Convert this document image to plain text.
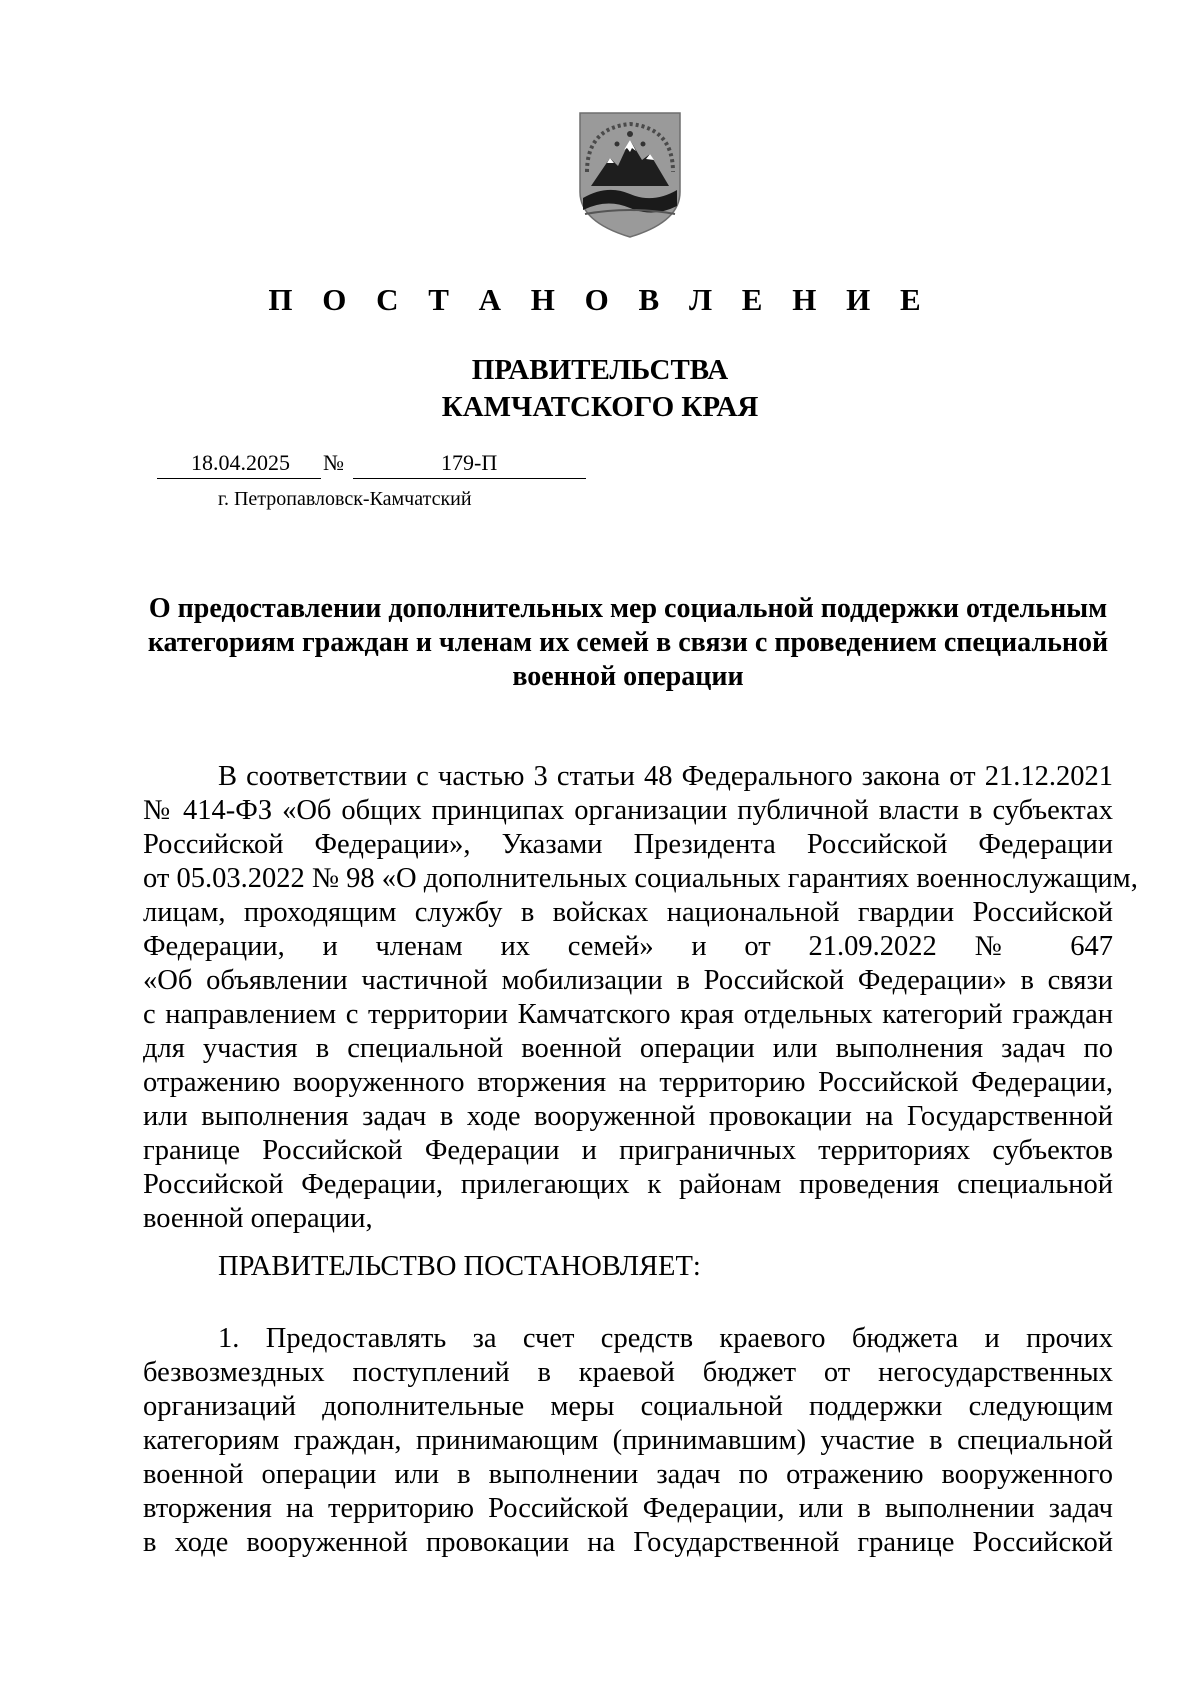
П О С Т А Н О В Л Е Н И Е
ПРАВИТЕЛЬСТВА
КАМЧАТСКОГО КРАЯ
18.04.2025 №	179-П
г. Петропавловск-Камчатский
О предоставлении дополнительных мер социальной поддержки отдельным
категориям граждан и членам их семей в связи с проведением специальной
военной операции
В соответствии с частью 3 статьи 48 Федерального закона от 21.12.2021
№ 414-ФЗ «Об общих принципах организации публичной власти в субъектах
Российской Федерации», Указами Президента Российской Федерации
от 05.03.2022 № 98 «О дополнительных социальных гарантиях военнослужащим,
лицам, проходящим службу в войсках национальной гвардии Российской
Федерации, и членам их семей» и от 21.09.2022 № 647
«Об объявлении частичной мобилизации в Российской Федерации» в связи
с направлением с территории Камчатского края отдельных категорий граждан
для участия в специальной военной операции или выполнения задач по
отражению вооруженного вторжения на территорию Российской Федерации,
или выполнения задач в ходе вооруженной провокации на Государственной
границе Российской Федерации и приграничных территориях субъектов
Российской Федерации, прилегающих к районам проведения специальной
военной операции,
ПРАВИТЕЛЬСТВО ПОСТАНОВЛЯЕТ:
1. Предоставлять за счет средств краевого бюджета и прочих
безвозмездных поступлений в краевой бюджет от негосударственных
организаций дополнительные меры социальной поддержки следующим
категориям граждан, принимающим (принимавшим) участие в специальной
военной операции или в выполнении задач по отражению вооруженного
вторжения на территорию Российской Федерации, или в выполнении задач
в ходе вооруженной провокации на Государственной границе Российской
